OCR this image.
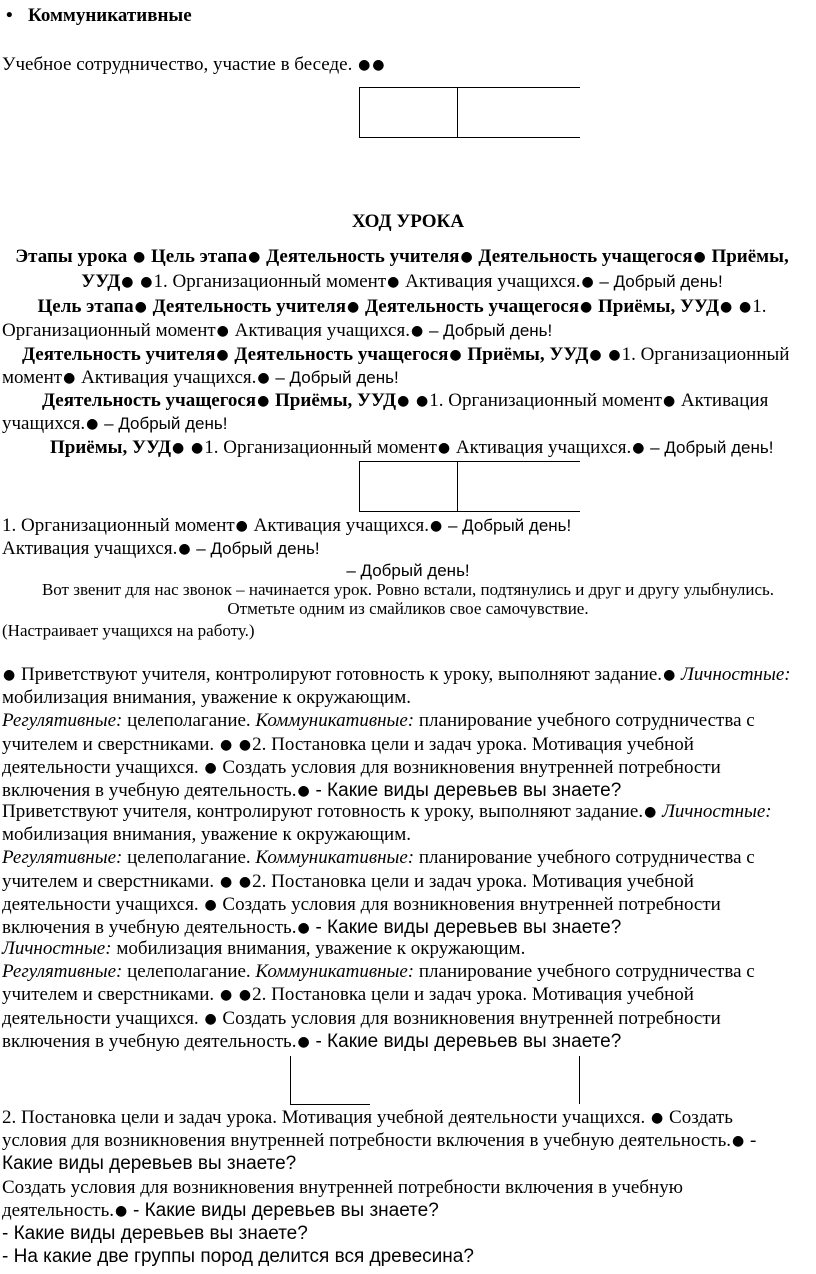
• Коммуникативные
Учебное сотрудничество, участие в беседе. ● ●
ХОД УРОКА
Этапы урока ● Цель этапа● Деятельность учителя● Деятельность учащегося● Приёмы,
УУД● ●1. Организационный момент● Активация учащихся.● – Добрый день!
Цель этапа● Деятельность учителя● Деятельность учащегося● Приёмы, УУД● ●1.
Организационный момент● Активация учащихся.● – Добрый день!
Деятельность учителя● Деятельность учащегося● Приёмы, УУД● ●1. Организационный
момент● Активация учащихся.● – Добрый день!
Деятельность учащегося● Приёмы, УУД● ●1. Организационный момент● Активация
учащихся.● – Добрый день!
Приёмы, УУД● ●1. Организационный момент● Активация учащихся.● – Добрый день!
1. Организационный момент● Активация учащихся.● – Добрый день!
Активация учащихся.● – Добрый день!
– Добрый день!
Вот звенит для нас звонок – начинается урок. Ровно встали, подтянулись и друг и другу улыбнулись.
Отметьте одним из смайликов свое самочувствие.
(Настраивает учащихся на работу.)
● Приветствуют учителя, контролируют готовность к уроку, выполняют задание.● Личностные:
мобилизация внимания, уважение к окружающим.
Регулятивные: целеполагание. Коммуникативные: планирование учебного сотрудничества с
учителем и сверстниками. ● ●2. Постановка цели и задач урока. Мотивация учебной
деятельности учащихся. ● Создать условия для возникновения внутренней потребности
включения в учебную деятельность.● - Какие виды деревьев вы знаете?
Приветствуют учителя, контролируют готовность к уроку, выполняют задание.● Личностные:
мобилизация внимания, уважение к окружающим.
Регулятивные: целеполагание. Коммуникативные: планирование учебного сотрудничества с
учителем и сверстниками. ● ●2. Постановка цели и задач урока. Мотивация учебной
деятельности учащихся. ● Создать условия для возникновения внутренней потребности
включения в учебную деятельность.● - Какие виды деревьев вы знаете?
Личностные: мобилизация внимания, уважение к окружающим.
Регулятивные: целеполагание. Коммуникативные: планирование учебного сотрудничества с
учителем и сверстниками. ● ●2. Постановка цели и задач урока. Мотивация учебной
деятельности учащихся. ● Создать условия для возникновения внутренней потребности
включения в учебную деятельность.● - Какие виды деревьев вы знаете?
2. Постановка цели и задач урока. Мотивация учебной деятельности учащихся. ● Создать
условия для возникновения внутренней потребности включения в учебную деятельность.● -
Какие виды деревьев вы знаете?
Создать условия для возникновения внутренней потребности включения в учебную
деятельность.● - Какие виды деревьев вы знаете?
- Какие виды деревьев вы знаете?
- На какие две группы пород делится вся древесина?
